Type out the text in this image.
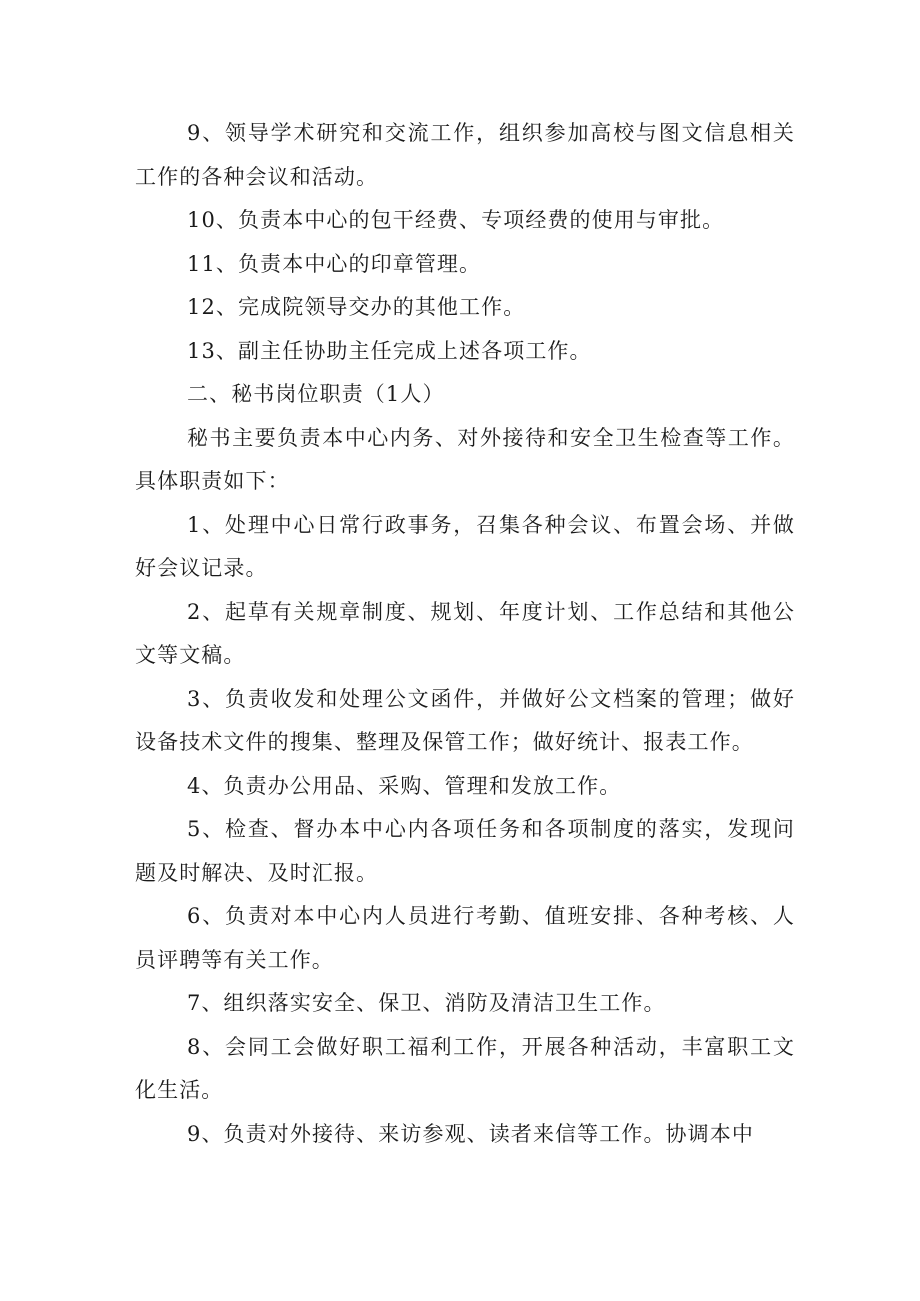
9、领导学术研究和交流工作，组织参加高校与图文信息相关工作的各种会议和活动。

10、负责本中心的包干经费、专项经费的使用与审批。

11、负责本中心的印章管理。

12、完成院领导交办的其他工作。

13、副主任协助主任完成上述各项工作。

二、秘书岗位职责（1人）

秘书主要负责本中心内务、对外接待和安全卫生检查等工作。具体职责如下：

1、处理中心日常行政事务，召集各种会议、布置会场、并做好会议记录。

2、起草有关规章制度、规划、年度计划、工作总结和其他公文等文稿。

3、负责收发和处理公文函件，并做好公文档案的管理；做好设备技术文件的搜集、整理及保管工作；做好统计、报表工作。

4、负责办公用品、采购、管理和发放工作。

5、检查、督办本中心内各项任务和各项制度的落实，发现问题及时解决、及时汇报。

6、负责对本中心内人员进行考勤、值班安排、各种考核、人员评聘等有关工作。

7、组织落实安全、保卫、消防及清洁卫生工作。

8、会同工会做好职工福利工作，开展各种活动，丰富职工文化生活。

9、负责对外接待、来访参观、读者来信等工作。协调本中
